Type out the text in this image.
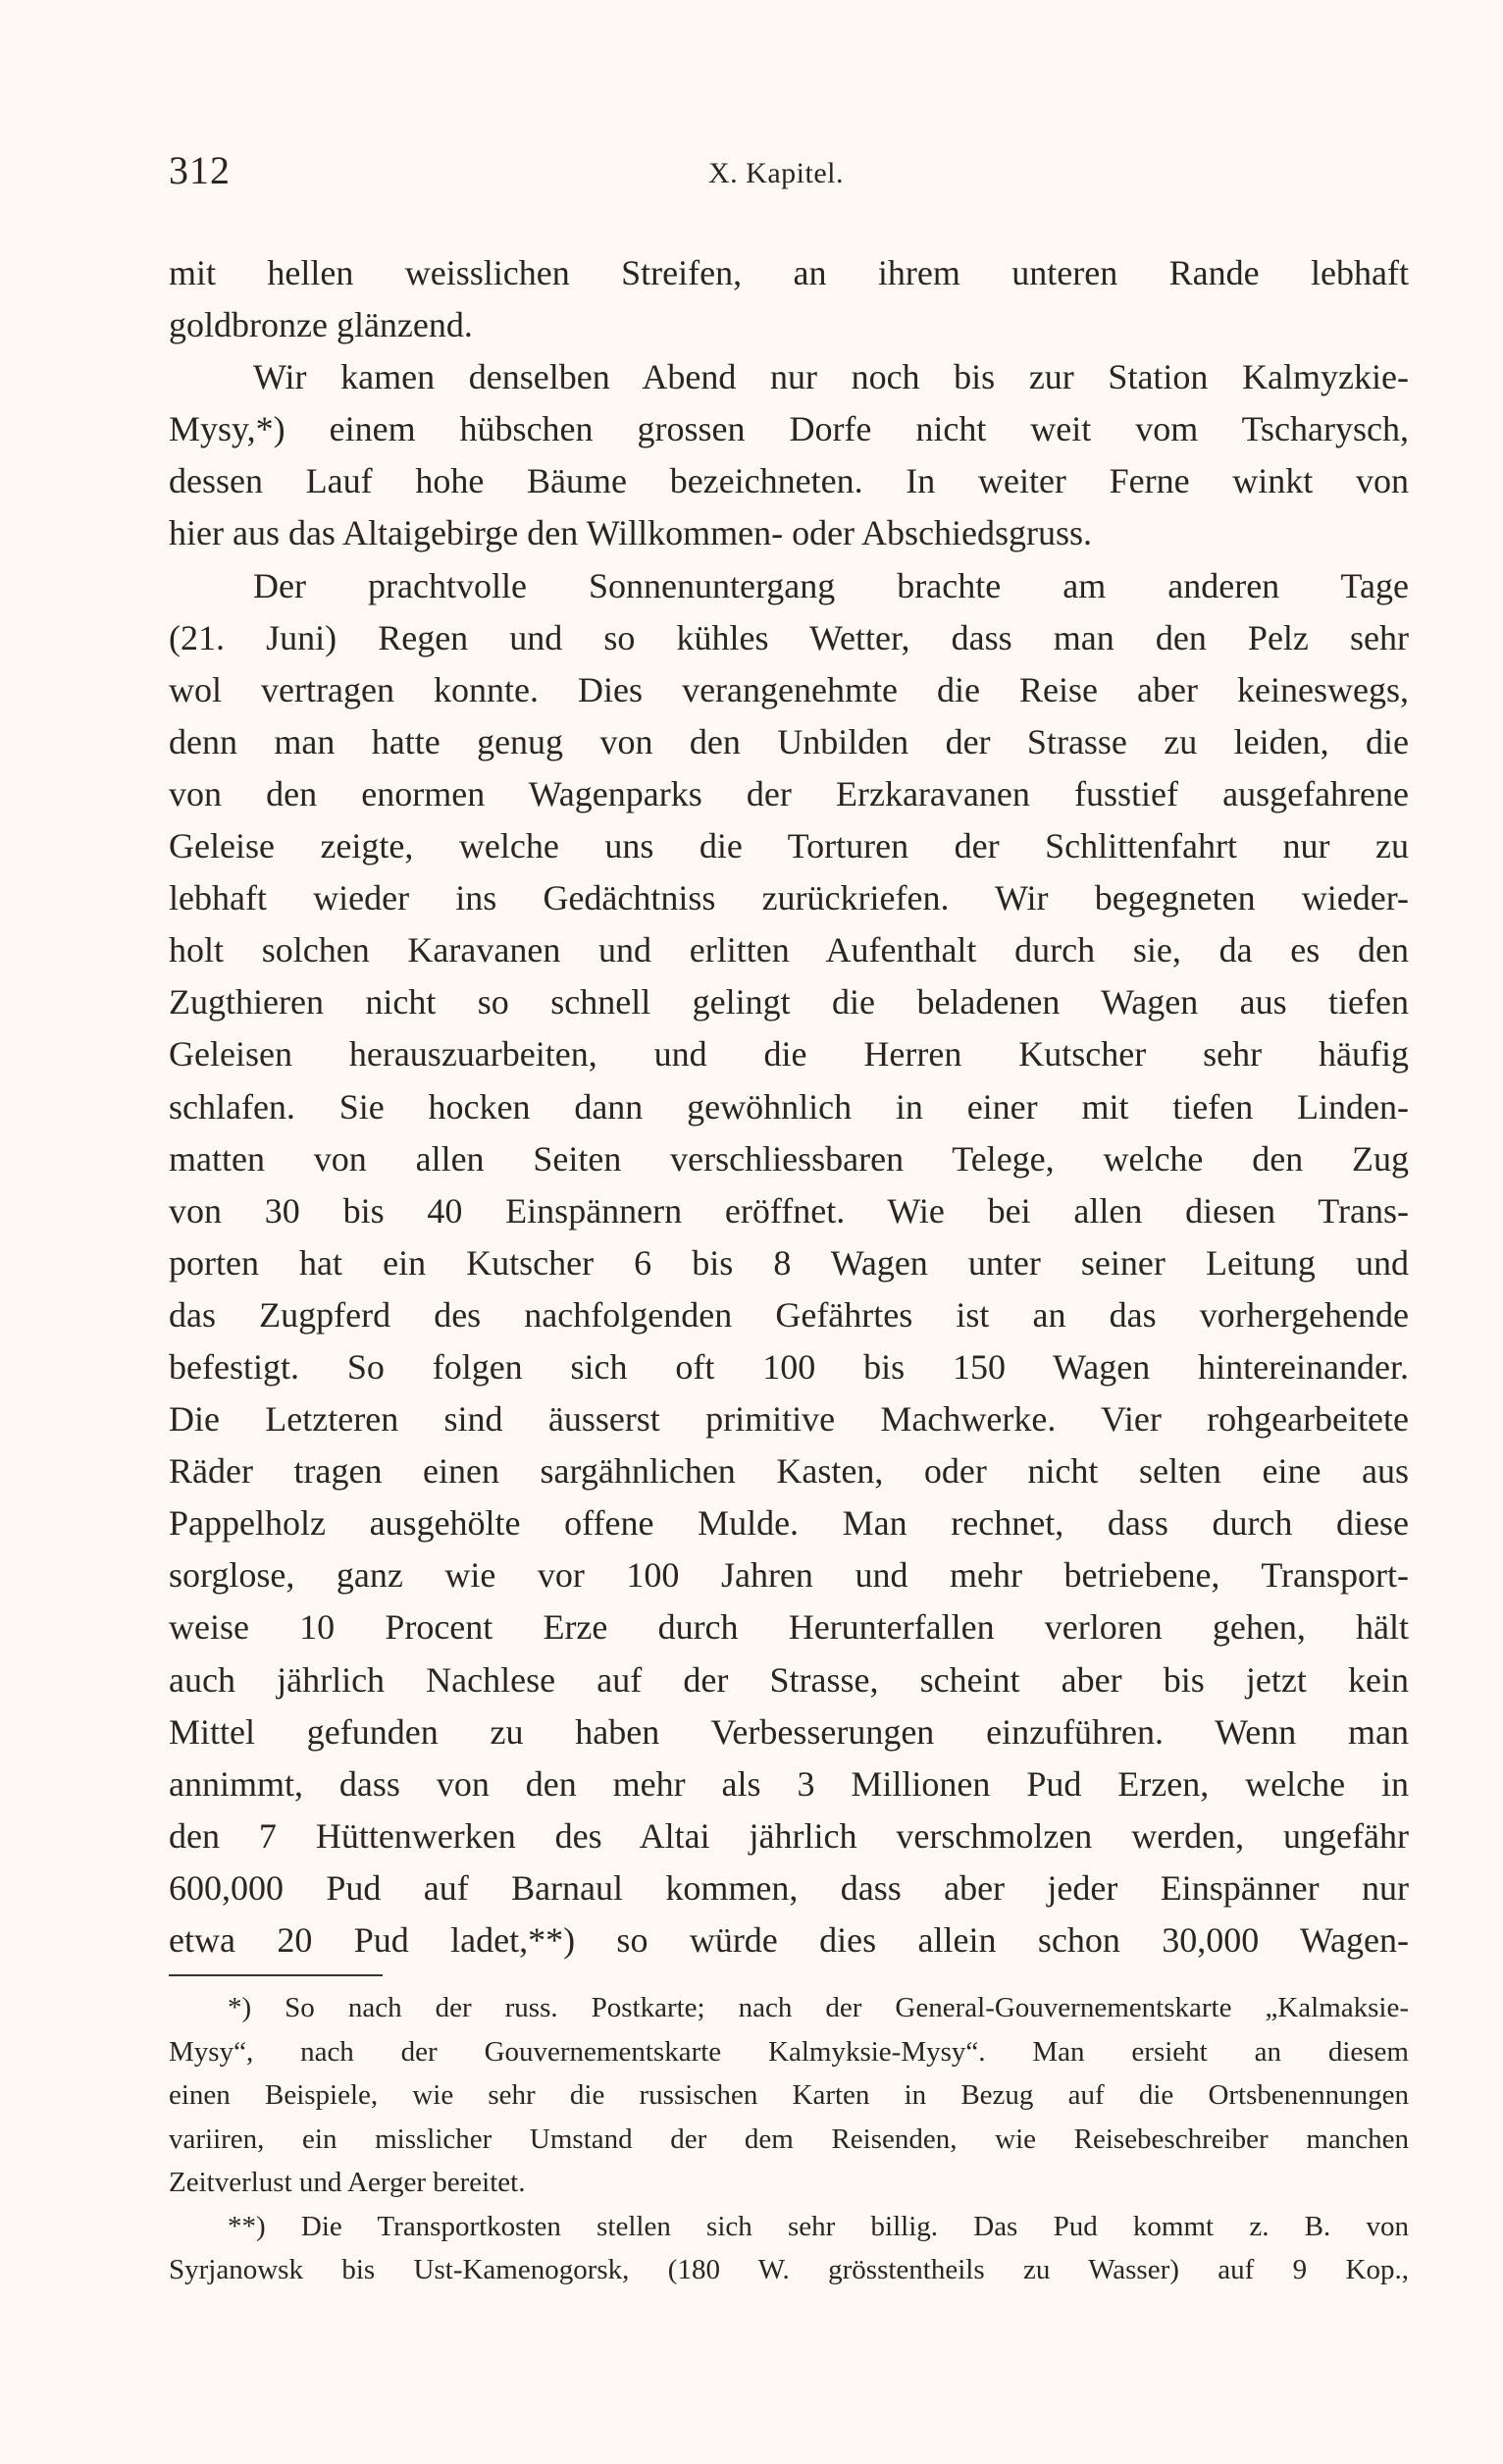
312	X. Kapitel.
mit hellen weisslichen Streifen, an ihrem unteren Rande lebhaft
goldbronze glänzend.
Wir kamen denselben Abend nur noch bis zur Station Kalmyzkie-
Mysy,*) einem hübschen grossen Dorfe nicht weit vom Tscharysch,
dessen Lauf hohe Bäume bezeichneten. In weiter Ferne winkt von
hier aus das Altaigebirge den Willkommen- oder Abschiedsgruss.
Der prachtvolle Sonnenuntergang brachte am anderen Tage
(21. Juni) Regen und so kühles Wetter, dass man den Pelz sehr
wol vertragen konnte. Dies verangenehmte die Reise aber keineswegs,
denn man hatte genug von den Unbilden der Strasse zu leiden, die
von den enormen Wagenparks der Erzkaravanen fusstief ausgefahrene
Geleise zeigte, welche uns die Torturen der Schlittenfahrt nur zu
lebhaft wieder ins Gedächtniss zurückriefen. Wir begegneten wieder-
holt solchen Karavanen und erlitten Aufenthalt durch sie, da es den
Zugthieren nicht so schnell gelingt die beladenen Wagen aus tiefen
Geleisen herauszuarbeiten, und die Herren Kutscher sehr häufig
schlafen. Sie hocken dann gewöhnlich in einer mit tiefen Linden-
matten von allen Seiten verschliessbaren Telege, welche den Zug
von 30 bis 40 Einspännern eröffnet. Wie bei allen diesen Trans-
porten hat ein Kutscher 6 bis 8 Wagen unter seiner Leitung und
das Zugpferd des nachfolgenden Gefährtes ist an das vorhergehende
befestigt. So folgen sich oft 100 bis 150 Wagen hintereinander.
Die Letzteren sind äusserst primitive Machwerke. Vier rohgearbeitete
Räder tragen einen sargähnlichen Kasten, oder nicht selten eine aus
Pappelholz ausgehölte offene Mulde. Man rechnet, dass durch diese
sorglose, ganz wie vor 100 Jahren und mehr betriebene, Transport-
weise 10 Procent Erze durch Herunterfallen verloren gehen, hält
auch jährlich Nachlese auf der Strasse, scheint aber bis jetzt kein
Mittel gefunden zu haben Verbesserungen einzuführen. Wenn man
annimmt, dass von den mehr als 3 Millionen Pud Erzen, welche in
den 7 Hüttenwerken des Altai jährlich verschmolzen werden, ungefähr
600,000 Pud auf Barnaul kommen, dass aber jeder Einspänner nur
etwa 20 Pud ladet,**) so würde dies allein schon 30,000 Wagen-
*) So nach der russ. Postkarte; nach der General-Gouvernementskarte „Kalmaksie-
Mysy“, nach der Gouvernementskarte Kalmyksie-Mysy“. Man ersieht an diesem
einen Beispiele, wie sehr die russischen Karten in Bezug auf die Ortsbenennungen
variiren, ein misslicher Umstand der dem Reisenden, wie Reisebeschreiber manchen
Zeitverlust und Aerger bereitet.
**) Die Transportkosten stellen sich sehr billig. Das Pud kommt z. B. von
Syrjanowsk bis Ust-Kamenogorsk, (180 W. grösstentheils zu Wasser) auf 9 Kop.,
